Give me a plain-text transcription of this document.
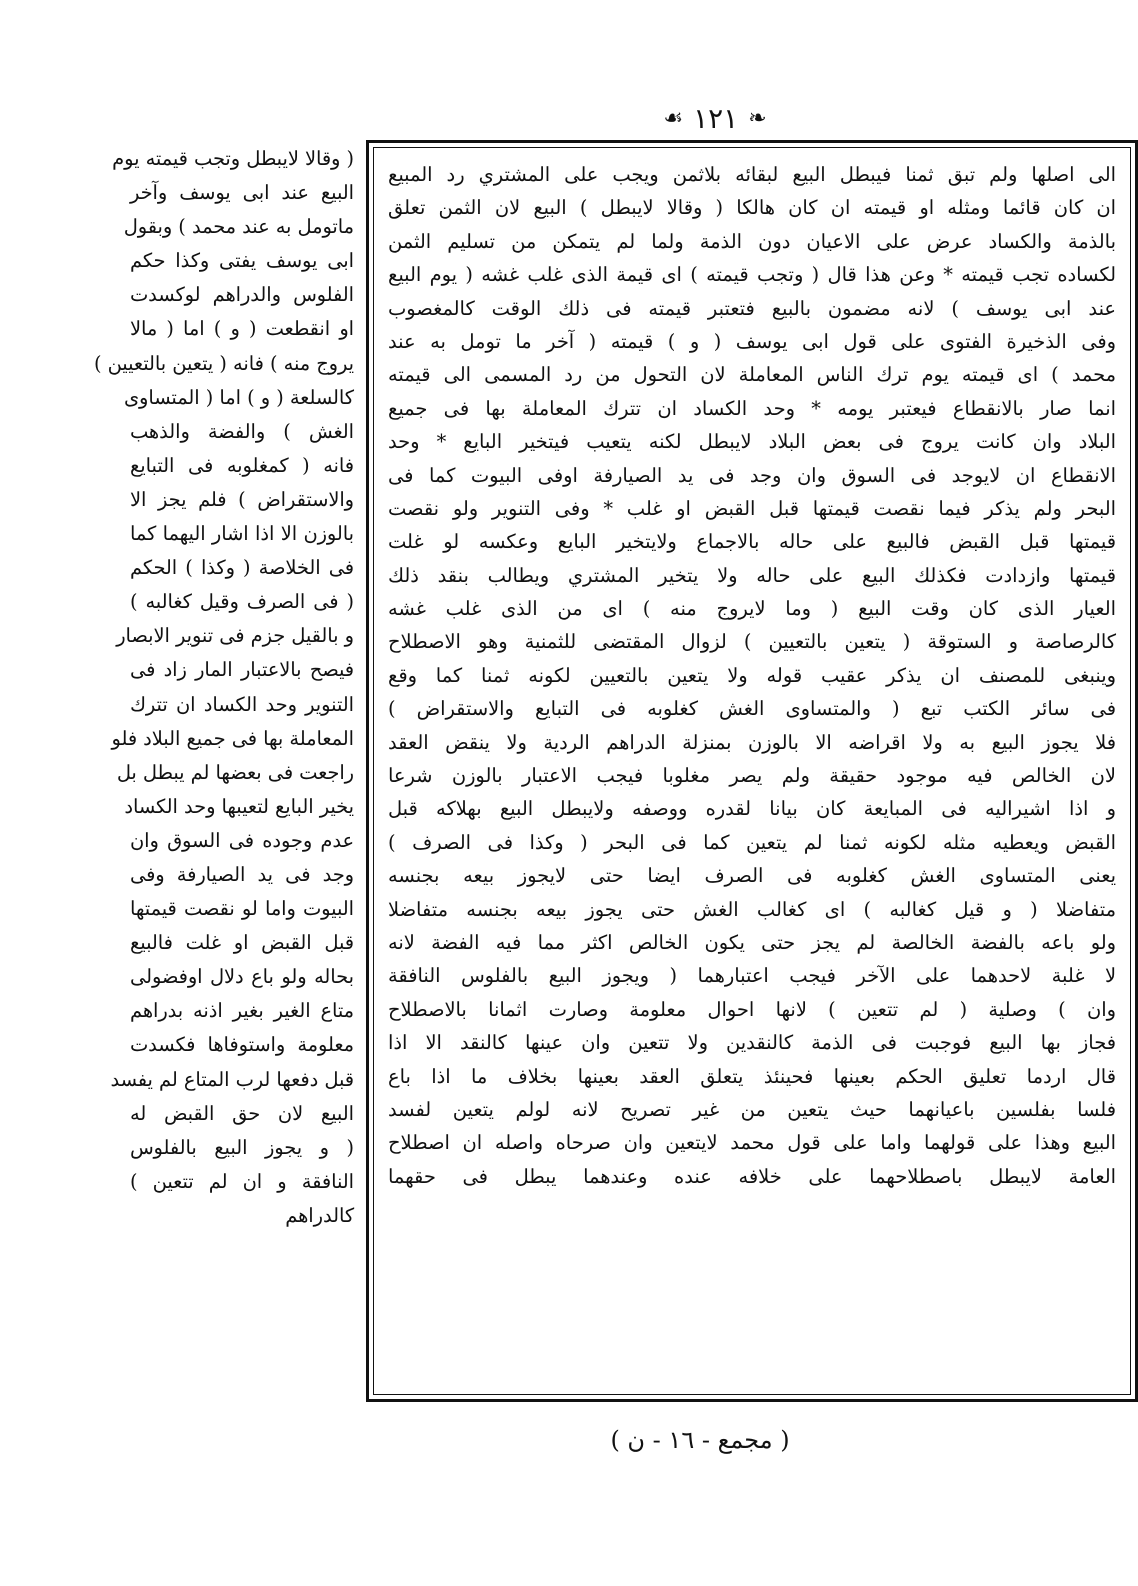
❧
١٢١
☙
( وقالا لايبطل وتجب قيمته يوم
البيع عند ابى يوسف وآخر
ماتومل به عند محمد ) وبقول
ابى يوسف يفتى وكذا حكم
الفلوس والدراهم لوكسدت
او انقطعت ( و ) اما ( مالا
يروج منه ) فانه ( يتعين بالتعيين )
كالسلعة ( و ) اما ( المتساوى
الغش ) والفضة والذهب
فانه ( كمغلوبه فى التبايع
والاستقراض ) فلم يجز الا
بالوزن الا اذا اشار اليهما كما
فى الخلاصة ( وكذا ) الحكم
( فى الصرف وقيل كغالبه )
و بالقيل جزم فى تنوير الابصار
فيصح بالاعتبار المار زاد فى
التنوير وحد الكساد ان تترك
المعاملة بها فى جميع البلاد فلو
راجعت فى بعضها لم يبطل بل
يخير البايع لتعيبها وحد الكساد
عدم وجوده فى السوق وان
وجد فى يد الصيارفة وفى
البيوت واما لو نقصت قيمتها
قبل القبض او غلت فالبيع
بحاله ولو باع دلال اوفضولى
متاع الغير بغير اذنه بدراهم
معلومة واستوفاها فكسدت
قبل دفعها لرب المتاع لم يفسد
البيع لان حق القبض له
( و يجوز البيع بالفلوس
النافقة و ان لم تتعين )
كالدراهم
الى اصلها ولم تبق ثمنا فيبطل البيع لبقائه بلاثمن ويجب على المشتري رد المبيع
ان كان قائما ومثله او قيمته ان كان هالكا ( وقالا لايبطل ) البيع لان الثمن تعلق
بالذمة والكساد عرض على الاعيان دون الذمة ولما لم يتمكن من تسليم الثمن
لكساده تجب قيمته * وعن هذا قال ( وتجب قيمته ) اى قيمة الذى غلب غشه ( يوم البيع
عند ابى يوسف ) لانه مضمون بالبيع فتعتبر قيمته فى ذلك الوقت كالمغصوب
وفى الذخيرة الفتوى على قول ابى يوسف ( و ) قيمته ( آخر ما تومل به عند
محمد ) اى قيمته يوم ترك الناس المعاملة لان التحول من رد المسمى الى قيمته
انما صار بالانقطاع فيعتبر يومه * وحد الكساد ان تترك المعاملة بها فى جميع
البلاد وان كانت يروج فى بعض البلاد لايبطل لكنه يتعيب فيتخير البايع * وحد
الانقطاع ان لايوجد فى السوق وان وجد فى يد الصيارفة اوفى البيوت كما فى
البحر ولم يذكر فيما نقصت قيمتها قبل القبض او غلب * وفى التنوير ولو نقصت
قيمتها قبل القبض فالبيع على حاله بالاجماع ولايتخير البايع وعكسه لو غلت
قيمتها وازدادت فكذلك البيع على حاله ولا يتخير المشتري ويطالب بنقد ذلك
العيار الذى كان وقت البيع ( وما لايروج منه ) اى من الذى غلب غشه
كالرصاصة و الستوقة ( يتعين بالتعيين ) لزوال المقتضى للثمنية وهو الاصطلاح
وينبغى للمصنف ان يذكر عقيب قوله ولا يتعين بالتعيين لكونه ثمنا كما وقع
فى سائر الكتب تبع ( والمتساوى الغش كغلوبه فى التبايع والاستقراض )
فلا يجوز البيع به ولا اقراضه الا بالوزن بمنزلة الدراهم الردية ولا ينقض العقد
لان الخالص فيه موجود حقيقة ولم يصر مغلوبا فيجب الاعتبار بالوزن شرعا
و اذا اشيراليه فى المبايعة كان بيانا لقدره ووصفه ولايبطل البيع بهلاكه قبل
القبض ويعطيه مثله لكونه ثمنا لم يتعين كما فى البحر ( وكذا فى الصرف )
يعنى المتساوى الغش كغلوبه فى الصرف ايضا حتى لايجوز بيعه بجنسه
متفاضلا ( و قيل كغالبه ) اى كغالب الغش حتى يجوز بيعه بجنسه متفاضلا
ولو باعه بالفضة الخالصة لم يجز حتى يكون الخالص اكثر مما فيه الفضة لانه
لا غلبة لاحدهما على الآخر فيجب اعتبارهما ( ويجوز البيع بالفلوس النافقة
وان ) وصلية ( لم تتعين ) لانها احوال معلومة وصارت اثمانا بالاصطلاح
فجاز بها البيع فوجبت فى الذمة كالنقدين ولا تتعين وان عينها كالنقد الا اذا
قال اردما تعليق الحكم بعينها فحينئذ يتعلق العقد بعينها بخلاف ما اذا باع
فلسا بفلسين باعيانهما حيث يتعين من غير تصريح لانه لولم يتعين لفسد
البيع وهذا على قولهما واما على قول محمد لايتعين وان صرحاه واصله ان اصطلاح
العامة لايبطل باصطلاحهما على خلافه عنده وعندهما يبطل فى حقهما
( مجمع - ١٦ - ن )
